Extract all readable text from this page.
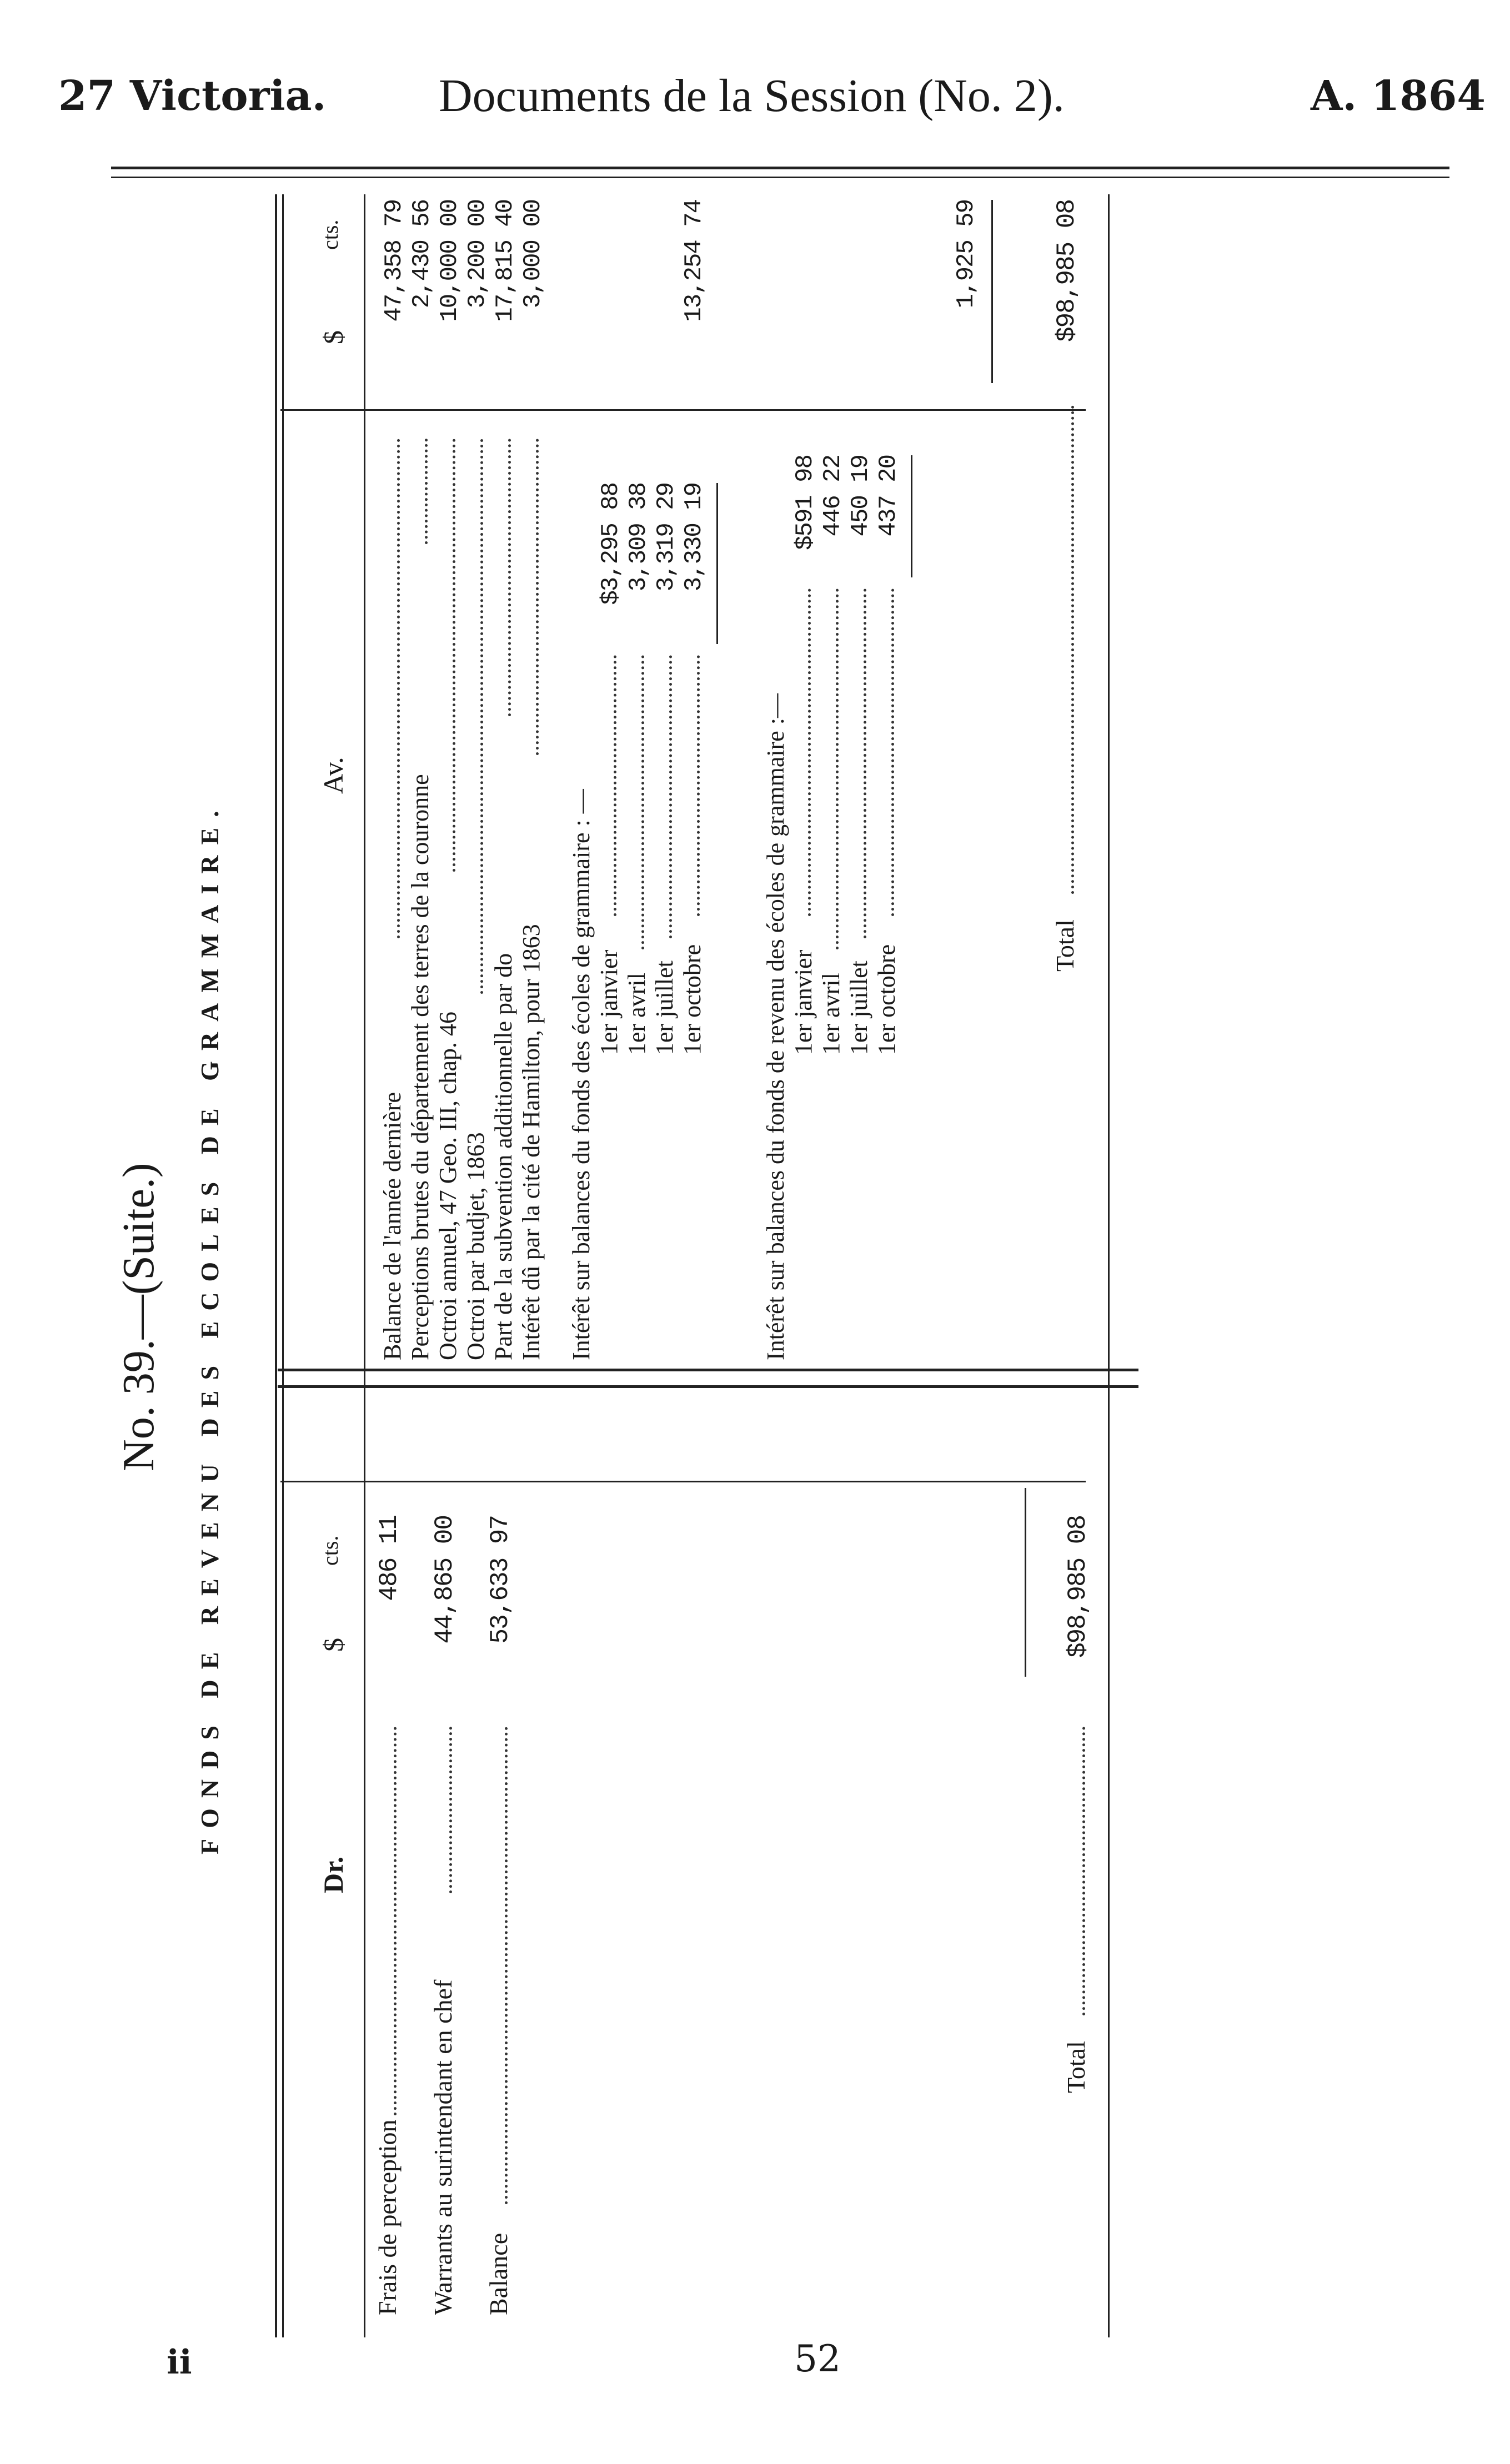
27 Victoria. Documents de la Session (No. 2).	A. 1864
No. 39.—(Suite.) FONDS DE REVENU DES ECOLES DE GRAMMAIRE.
Dr.
$
cts.
Av.
$
cts.
Frais de perception
486 11
Warrants au surintendant en chef
44,865 00
Balance
53,633 97
Total
$98,985 08
Balance de l'année dernière
47,358 79
Perceptions brutes du département des terres de la couronne
2,430 56
Octroi annuel, 47 Geo. III, chap. 46
10,000 00
Octroi par budjet, 1863
3,200 00
Part de la subvention additionnelle par do
17,815 40
Intérêt dû par la cité de Hamilton, pour 1863
3,000 00
Intérêt sur balances du fonds des écoles de grammaire : — 1er janvier
$3,295 88
1er avril
3,309 38
1er juillet
3,319 29
1er octobre
3,330 19
13,254 74
Intérêt sur balances du fonds de revenu des écoles de grammaire :— 1er janvier
$591 98
1er avril
446 22
1er juillet
450 19
1er octobre
437 20
1,925 59
Total
$98,985 08
ii	52
